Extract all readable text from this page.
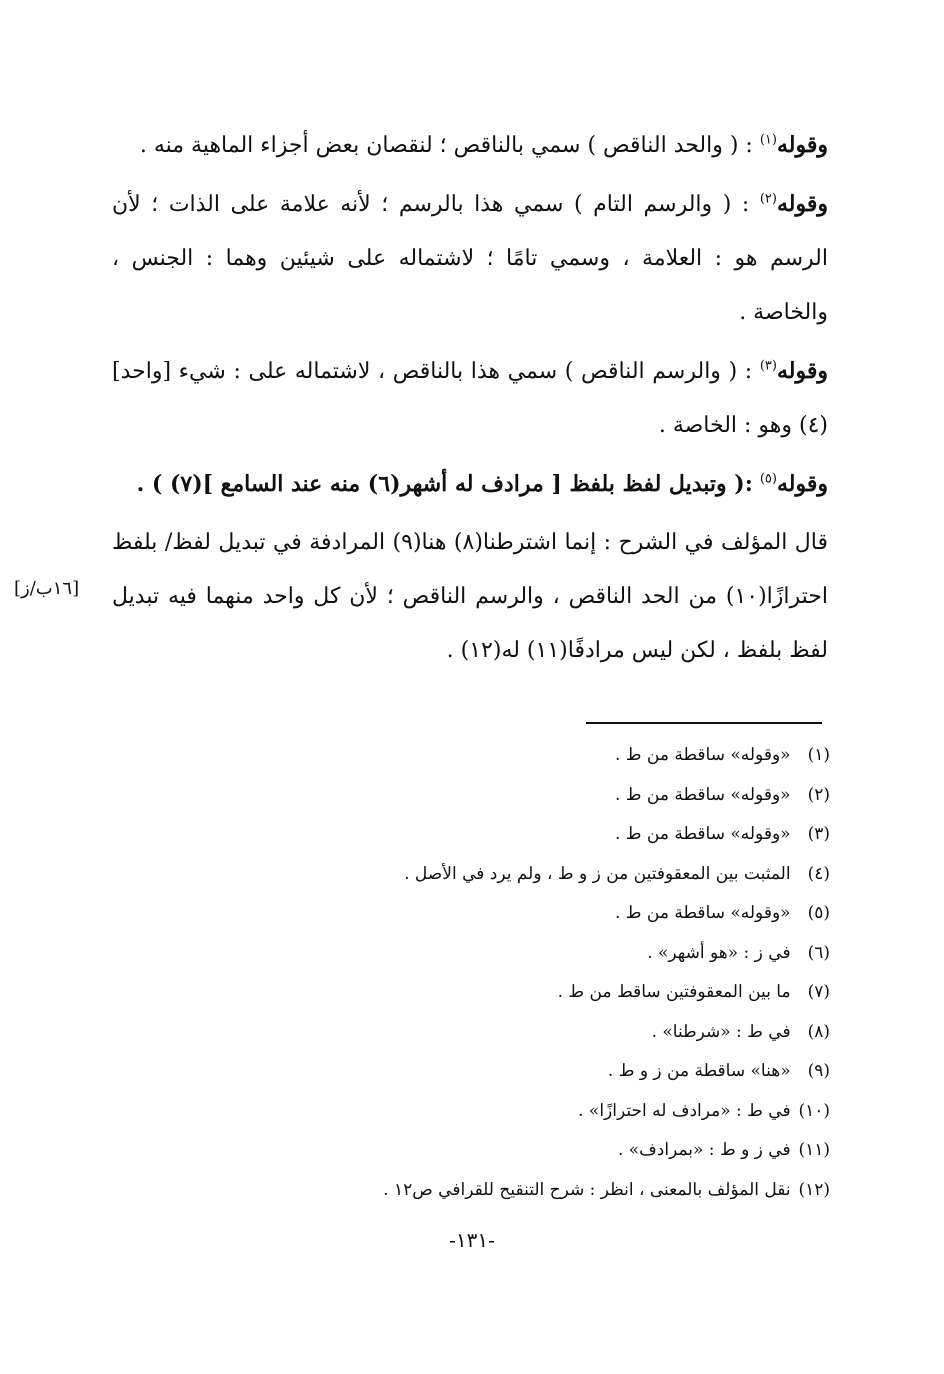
وقوله$^{(١)}$ : ( والحد الناقص ) سمي بالناقص ؛ لنقصان بعض أجزاء الماهية منه .

وقوله$^{(٢)}$ : ( والرسم التام ) سمي هذا بالرسم ؛ لأنه علامة على الذات ؛ لأن الرسم هو : العلامة ، وسمي تامًا ؛ لاشتماله على شيئين وهما : الجنس ، والخاصة .

وقوله$^{(٣)}$ : ( والرسم الناقص ) سمي هذا بالناقص ، لاشتماله على : شيء [واحد](٤) وهو : الخاصة .

وقوله$^{(٥)}$ :( وتبديل لفظ بلفظ [ مرادف له أشهر(٦) منه عند السامع ](٧) ) .

قال المؤلف في الشرح : إنما اشترطنا(٨) هنا(٩) المرادفة في تبديل لفظ/ بلفظ احترازًا(١٠) من الحد الناقص ، والرسم الناقص ؛ لأن كل واحد منهما فيه تبديل لفظ بلفظ ، لكن ليس مرادفًا(١١) له(١٢) .

[١٦ب/ز]
(١) «وقوله» ساقطة من ط .
(٢) «وقوله» ساقطة من ط .
(٣) «وقوله» ساقطة من ط .
(٤) المثبت بين المعقوفتين من ز و ط ، ولم يرد في الأصل .
(٥) «وقوله» ساقطة من ط .
(٦) في ز : «هو أشهر» .
(٧) ما بين المعقوفتين ساقط من ط .
(٨) في ط : «شرطنا» .
(٩) «هنا» ساقطة من ز و ط .
(١٠) في ط : «مرادف له احترازًا» .
(١١) في ز و ط : «بمرادف» .
(١٢) نقل المؤلف بالمعنى ، انظر : شرح التنقيح للقرافي ص١٢ .
-١٣١-
